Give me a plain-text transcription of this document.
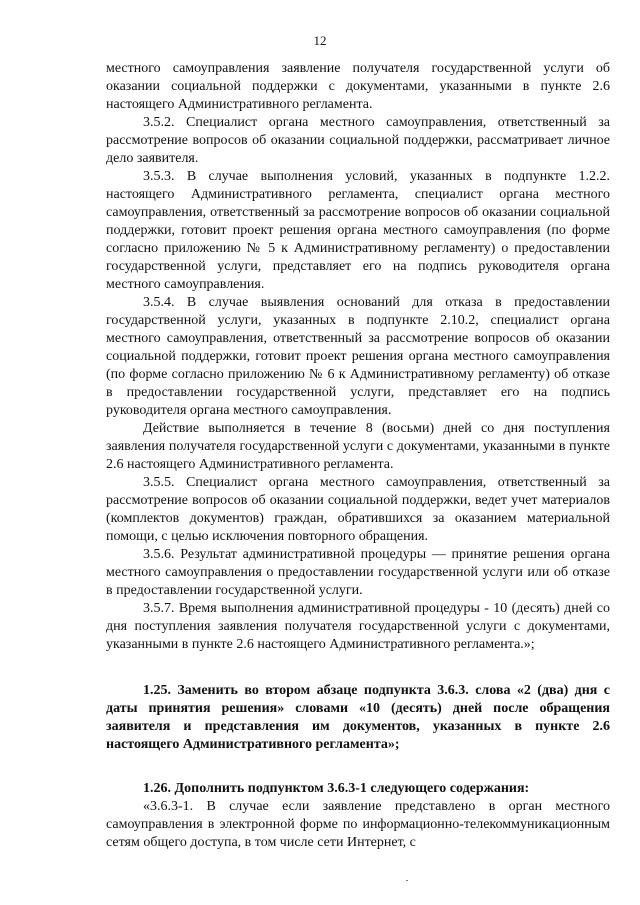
12

местного самоуправления заявление получателя государственной услуги об оказании социальной поддержки с документами, указанными в пункте 2.6 настоящего Административного регламента.

3.5.2. Специалист органа местного самоуправления, ответственный за рассмотрение вопросов об оказании социальной поддержки, рассматривает личное дело заявителя.

3.5.3. В случае выполнения условий, указанных в подпункте 1.2.2. настоящего Административного регламента, специалист органа местного самоуправления, ответственный за рассмотрение вопросов об оказании социальной поддержки, готовит проект решения органа местного самоуправления (по форме согласно приложению № 5 к Административному регламенту) о предоставлении государственной услуги, представляет его на подпись руководителя органа местного самоуправления.

3.5.4. В случае выявления оснований для отказа в предоставлении государственной услуги, указанных в подпункте 2.10.2, специалист органа местного самоуправления, ответственный за рассмотрение вопросов об оказании социальной поддержки, готовит проект решения органа местного самоуправления (по форме согласно приложению № 6 к Административному регламенту) об отказе в предоставлении государственной услуги, представляет его на подпись руководителя органа местного самоуправления.

Действие выполняется в течение 8 (восьми) дней со дня поступления заявления получателя государственной услуги с документами, указанными в пункте 2.6 настоящего Административного регламента.

3.5.5. Специалист органа местного самоуправления, ответственный за рассмотрение вопросов об оказании социальной поддержки, ведет учет материалов (комплектов документов) граждан, обратившихся за оказанием материальной помощи, с целью исключения повторного обращения.

3.5.6. Результат административной процедуры — принятие решения органа местного самоуправления о предоставлении государственной услуги или об отказе в предоставлении государственной услуги.

3.5.7. Время выполнения административной процедуры - 10 (десять) дней со дня поступления заявления получателя государственной услуги с документами, указанными в пункте 2.6 настоящего Административного регламента.»;

1.25. Заменить во втором абзаце подпункта 3.6.3. слова «2 (два) дня с даты принятия решения» словами «10 (десять) дней после обращения заявителя и представления им документов, указанных в пункте 2.6 настоящего Административного регламента»;

1.26. Дополнить подпунктом 3.6.3-1 следующего содержания:

«3.6.3-1. В случае если заявление представлено в орган местного самоуправления в электронной форме по информационно-телекоммуникационным сетям общего доступа, в том числе сети Интернет, с
